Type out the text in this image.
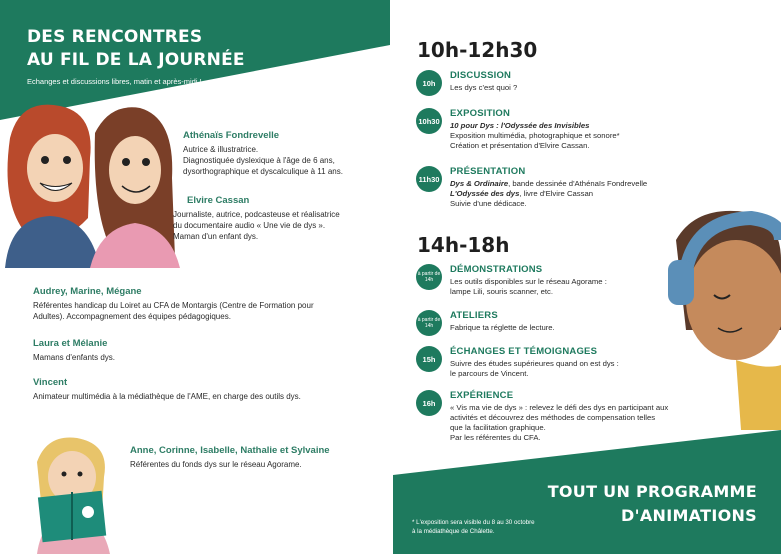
DES RENCONTRES
AU FIL DE LA JOURNÉE
Echanges et discussions libres, matin et après-midi !
Athénaïs Fondrevelle
Autrice & illustratrice.
Diagnostiquée dyslexique à l'âge de 6 ans,
dysorthographique et dyscalculique à 11 ans.
Elvire Cassan
Journaliste, autrice, podcasteuse et réalisatrice
du documentaire audio « Une vie de dys ».
Maman d'un enfant dys.
Audrey, Marine, Mégane
Référentes handicap du Loiret au CFA de Montargis (Centre de Formation pour
Adultes). Accompagnement des équipes pédagogiques.
Laura et Mélanie
Mamans d'enfants dys.
Vincent
Animateur multimédia à la médiathèque de l'AME, en charge des outils dys.
Anne, Corinne, Isabelle, Nathalie et Sylvaine
Référentes du fonds dys sur le réseau Agorame.
10h-12h30
10h
DISCUSSION
Les dys c'est quoi ?
10h30
EXPOSITION
10 pour Dys : l'Odyssée des Invisibles
Exposition multimédia, photographique et sonore*
Création et présentation d'Elvire Cassan.
11h30
PRÉSENTATION
Dys & Ordinaire, bande dessinée d'Athénaïs Fondrevelle
L'Odyssée des dys, livre d'Elvire Cassan
Suivie d'une dédicace.
14h-18h
à partir de 14h
DÉMONSTRATIONS
Les outils disponibles sur le réseau Agorame :
lampe Lili, souris scanner, etc.
à partir de 14h
ATELIERS
Fabrique ta réglette de lecture.
15h
ÉCHANGES ET TÉMOIGNAGES
Suivre des études supérieures quand on est dys :
le parcours de Vincent.
16h
EXPÉRIENCE
« Vis ma vie de dys » : relevez le défi des dys en participant aux
activités et découvrez des méthodes de compensation telles
que la facilitation graphique.
Par les référentes du CFA.
TOUT UN PROGRAMME
D'ANIMATIONS
* L'exposition sera visible du 8 au 30 octobre
à la médiathèque de Châlette.
